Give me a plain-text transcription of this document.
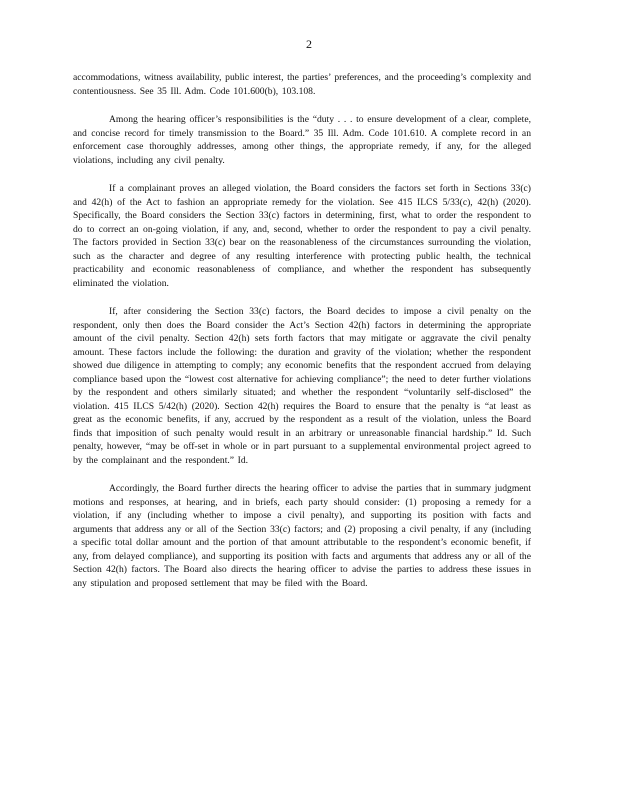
2

accommodations, witness availability, public interest, the parties’ preferences, and the proceeding’s complexity and contentiousness. See 35 Ill. Adm. Code 101.600(b), 103.108.

Among the hearing officer’s responsibilities is the “duty . . . to ensure development of a clear, complete, and concise record for timely transmission to the Board.” 35 Ill. Adm. Code 101.610. A complete record in an enforcement case thoroughly addresses, among other things, the appropriate remedy, if any, for the alleged violations, including any civil penalty.

If a complainant proves an alleged violation, the Board considers the factors set forth in Sections 33(c) and 42(h) of the Act to fashion an appropriate remedy for the violation. See 415 ILCS 5/33(c), 42(h) (2020). Specifically, the Board considers the Section 33(c) factors in determining, first, what to order the respondent to do to correct an on-going violation, if any, and, second, whether to order the respondent to pay a civil penalty. The factors provided in Section 33(c) bear on the reasonableness of the circumstances surrounding the violation, such as the character and degree of any resulting interference with protecting public health, the technical practicability and economic reasonableness of compliance, and whether the respondent has subsequently eliminated the violation.

If, after considering the Section 33(c) factors, the Board decides to impose a civil penalty on the respondent, only then does the Board consider the Act’s Section 42(h) factors in determining the appropriate amount of the civil penalty. Section 42(h) sets forth factors that may mitigate or aggravate the civil penalty amount. These factors include the following: the duration and gravity of the violation; whether the respondent showed due diligence in attempting to comply; any economic benefits that the respondent accrued from delaying compliance based upon the “lowest cost alternative for achieving compliance”; the need to deter further violations by the respondent and others similarly situated; and whether the respondent “voluntarily self-disclosed” the violation. 415 ILCS 5/42(h) (2020). Section 42(h) requires the Board to ensure that the penalty is “at least as great as the economic benefits, if any, accrued by the respondent as a result of the violation, unless the Board finds that imposition of such penalty would result in an arbitrary or unreasonable financial hardship.” Id. Such penalty, however, “may be off-set in whole or in part pursuant to a supplemental environmental project agreed to by the complainant and the respondent.” Id.

Accordingly, the Board further directs the hearing officer to advise the parties that in summary judgment motions and responses, at hearing, and in briefs, each party should consider: (1) proposing a remedy for a violation, if any (including whether to impose a civil penalty), and supporting its position with facts and arguments that address any or all of the Section 33(c) factors; and (2) proposing a civil penalty, if any (including a specific total dollar amount and the portion of that amount attributable to the respondent’s economic benefit, if any, from delayed compliance), and supporting its position with facts and arguments that address any or all of the Section 42(h) factors. The Board also directs the hearing officer to advise the parties to address these issues in any stipulation and proposed settlement that may be filed with the Board.
